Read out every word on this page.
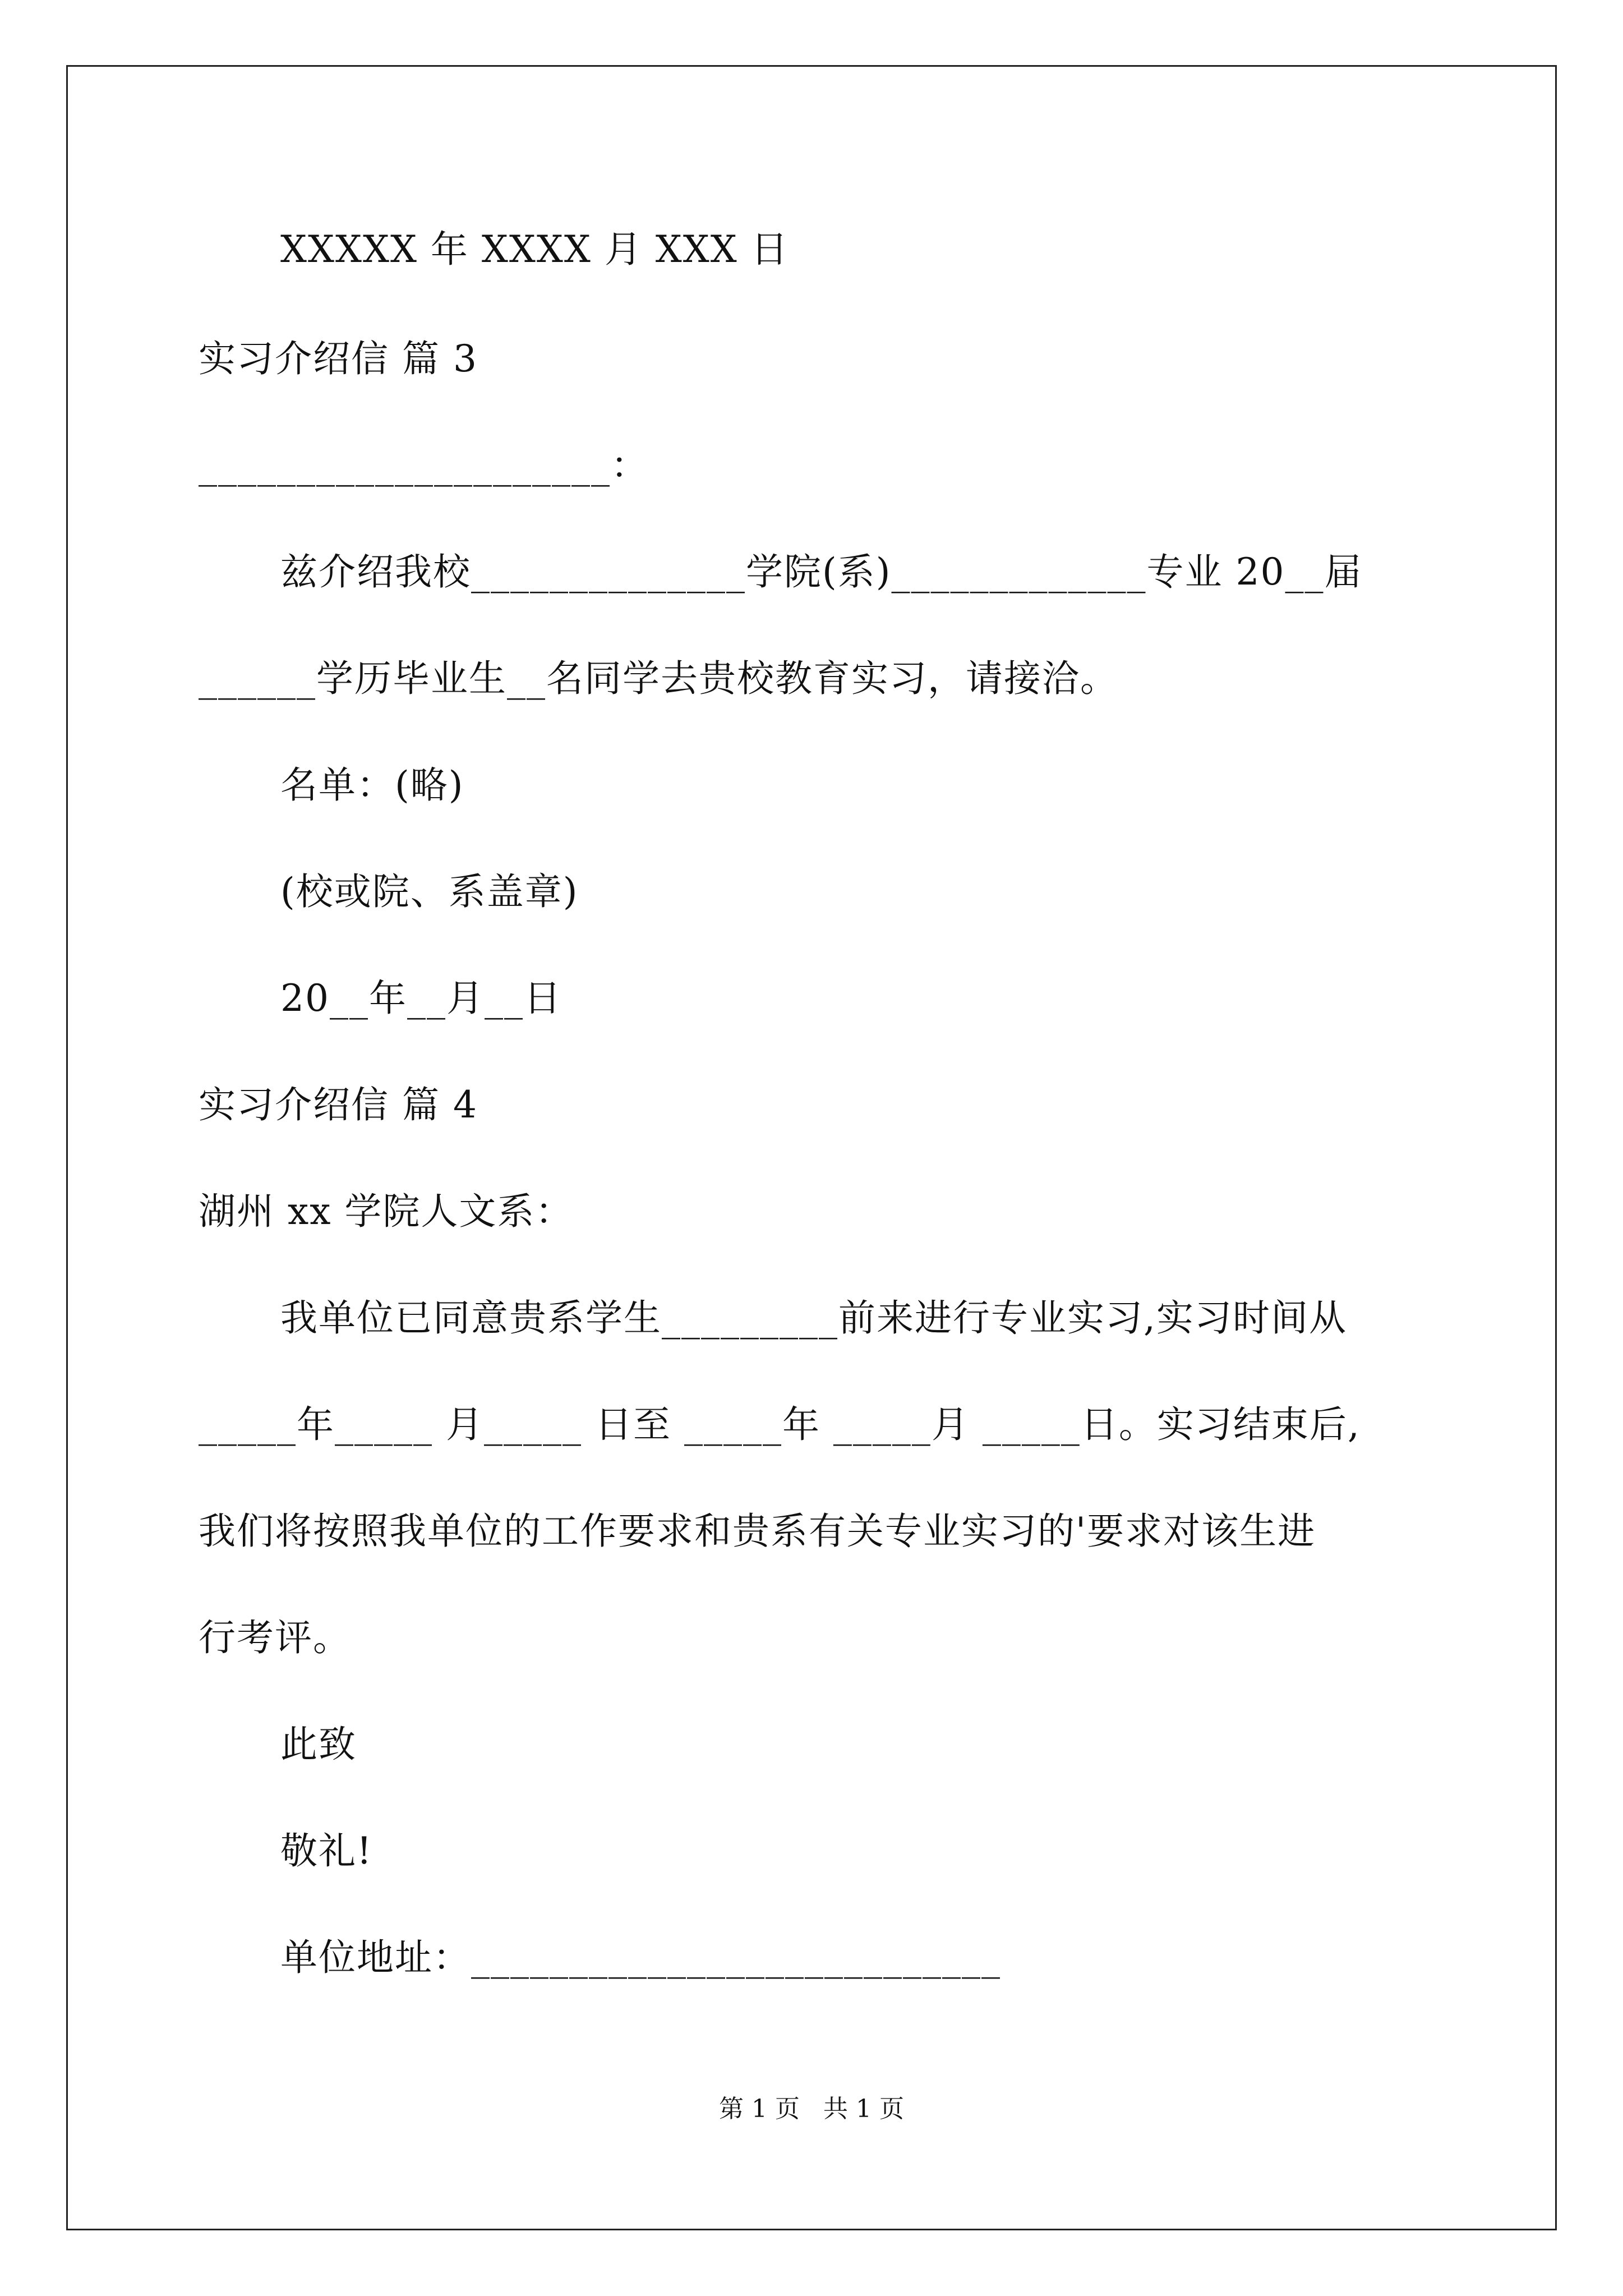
XXXXX 年 XXXX 月 XXX 日
实习介绍信 篇 3
_____________________：
兹介绍我校______________学院(系)_____________专业 20__届
______学历毕业生__名同学去贵校教育实习，请接洽。
名单：(略)
(校或院、系盖章)
20__年__月__日
实习介绍信 篇 4
湖州 xx 学院人文系：
我单位已同意贵系学生_________前来进行专业实习,实习时间从
_____年_____ 月_____ 日至 _____年 _____月 _____日。实习结束后,
我们将按照我单位的工作要求和贵系有关专业实习的'要求对该生进
行考评。
此致
敬礼!
单位地址：___________________________
第 1 页   共 1 页
